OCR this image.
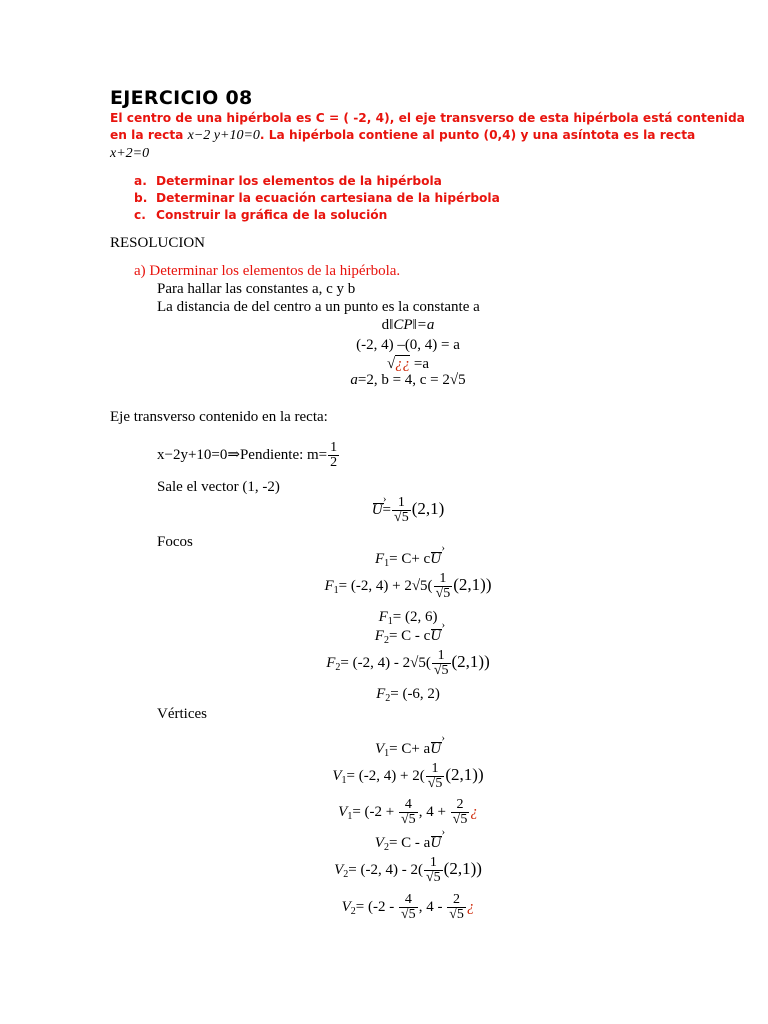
EJERCICIO 08
El centro de una hipérbola es C = ( -2, 4), el eje transverso de esta hipérbola está contenida
en la recta x−2 y+10=0. La hipérbola contiene al punto (0,4) y una asíntota es la recta
x+2=0
a. Determinar los elementos de la hipérbola
b. Determinar la ecuación cartesiana de la hipérbola
c. Construir la gráfica de la solución
RESOLUCION
a) Determinar los elementos de la hipérbola.
Para hallar las constantes a, c y b
La distancia de del centro a un punto es la constante a
d‖CP‖=a
(-2, 4) –(0, 4) = a
√¿¿ =a
a=2, b = 4, c = 2√5
Eje transverso contenido en la recta:
x−2y+10=0⇒Pendiente: $m= \frac{1}{2}$
Sale el vector (1, -2)
› $U= \frac{1}{√5} (2,1)$
Focos
$F_1= C+$ c› U
$F_1= (-2$, $4) + 2√5( \frac{1}{√5} (2,1))$
$F_1= (2$, 6)
$F_2= C$ - c› U
$F_2= (-2$, $4) - 2√5( \frac{1}{√5} (2,1))$
$F_2= (-6$, 2)
Vértices
$V_1= C+$ a› U
$V_1= (-2$, $4) + 2( \frac{1}{√5} (2,1))$
$V_1= (-2 + \frac{4}{√5}$ , $4 + \frac{2}{√5}$ ¿
$V_2= C$ - a› U
$V_2= (-2$, $4) - 2( \frac{1}{√5} (2,1))$
$V_2= (-2 - \frac{4}{√5}$ , $4 - \frac{2}{√5}$ ¿
